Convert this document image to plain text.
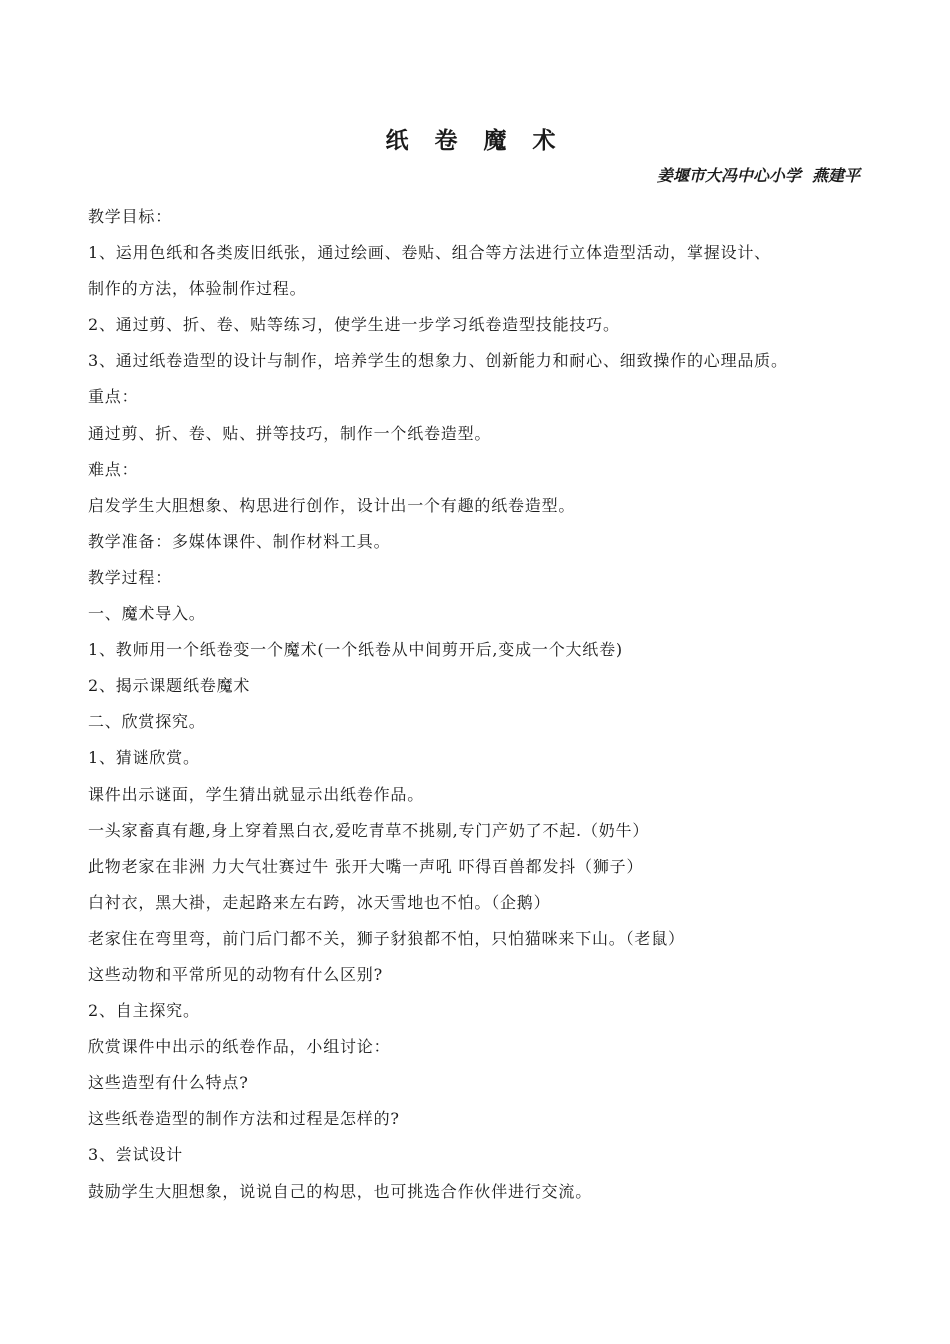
纸 卷 魔 术
姜堰市大冯中心小学  燕建平
教学目标：
1、运用色纸和各类废旧纸张，通过绘画、卷贴、组合等方法进行立体造型活动，掌握设计、
制作的方法，体验制作过程。
2、通过剪、折、卷、贴等练习，使学生进一步学习纸卷造型技能技巧。
3、通过纸卷造型的设计与制作，培养学生的想象力、创新能力和耐心、细致操作的心理品质。
重点：
通过剪、折、卷、贴、拼等技巧，制作一个纸卷造型。
难点：
启发学生大胆想象、构思进行创作，设计出一个有趣的纸卷造型。
教学准备：多媒体课件、制作材料工具。
教学过程：
一、魔术导入。
1、教师用一个纸卷变一个魔术(一个纸卷从中间剪开后,变成一个大纸卷)
2、揭示课题纸卷魔术
二、欣赏探究。
1、猜谜欣赏。
课件出示谜面，学生猜出就显示出纸卷作品。
一头家畜真有趣,身上穿着黑白衣,爱吃青草不挑剔,专门产奶了不起.（奶牛）
此物老家在非洲 力大气壮赛过牛 张开大嘴一声吼 吓得百兽都发抖（狮子）
白衬衣，黑大褂，走起路来左右跨，冰天雪地也不怕。（企鹅）
老家住在弯里弯，前门后门都不关，狮子豺狼都不怕，只怕猫咪来下山。（老鼠）
这些动物和平常所见的动物有什么区别?
2、自主探究。
欣赏课件中出示的纸卷作品，小组讨论：
这些造型有什么特点?
这些纸卷造型的制作方法和过程是怎样的?
3、尝试设计
鼓励学生大胆想象，说说自己的构思，也可挑选合作伙伴进行交流。
